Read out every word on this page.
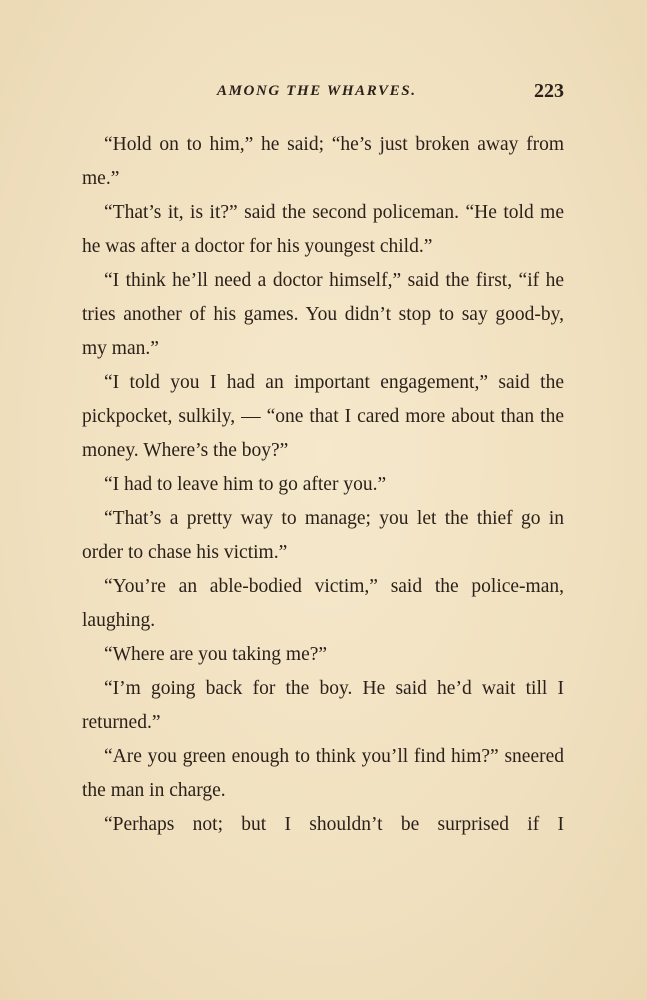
AMONG THE WHARVES.	223

“Hold on to him,” he said; “he’s just broken away from me.”

“That’s it, is it?” said the second policeman. “He told me he was after a doctor for his youngest child.”

“I think he’ll need a doctor himself,” said the first, “if he tries another of his games. You didn’t stop to say good-by, my man.”

“I told you I had an important engagement,” said the pickpocket, sulkily, — “one that I cared more about than the money. Where’s the boy?”

“I had to leave him to go after you.”

“That’s a pretty way to manage; you let the thief go in order to chase his victim.”

“You’re an able-bodied victim,” said the police-man, laughing.

“Where are you taking me?”

“I’m going back for the boy. He said he’d wait till I returned.”

“Are you green enough to think you’ll find him?” sneered the man in charge.

“Perhaps not; but I shouldn’t be surprised if I
